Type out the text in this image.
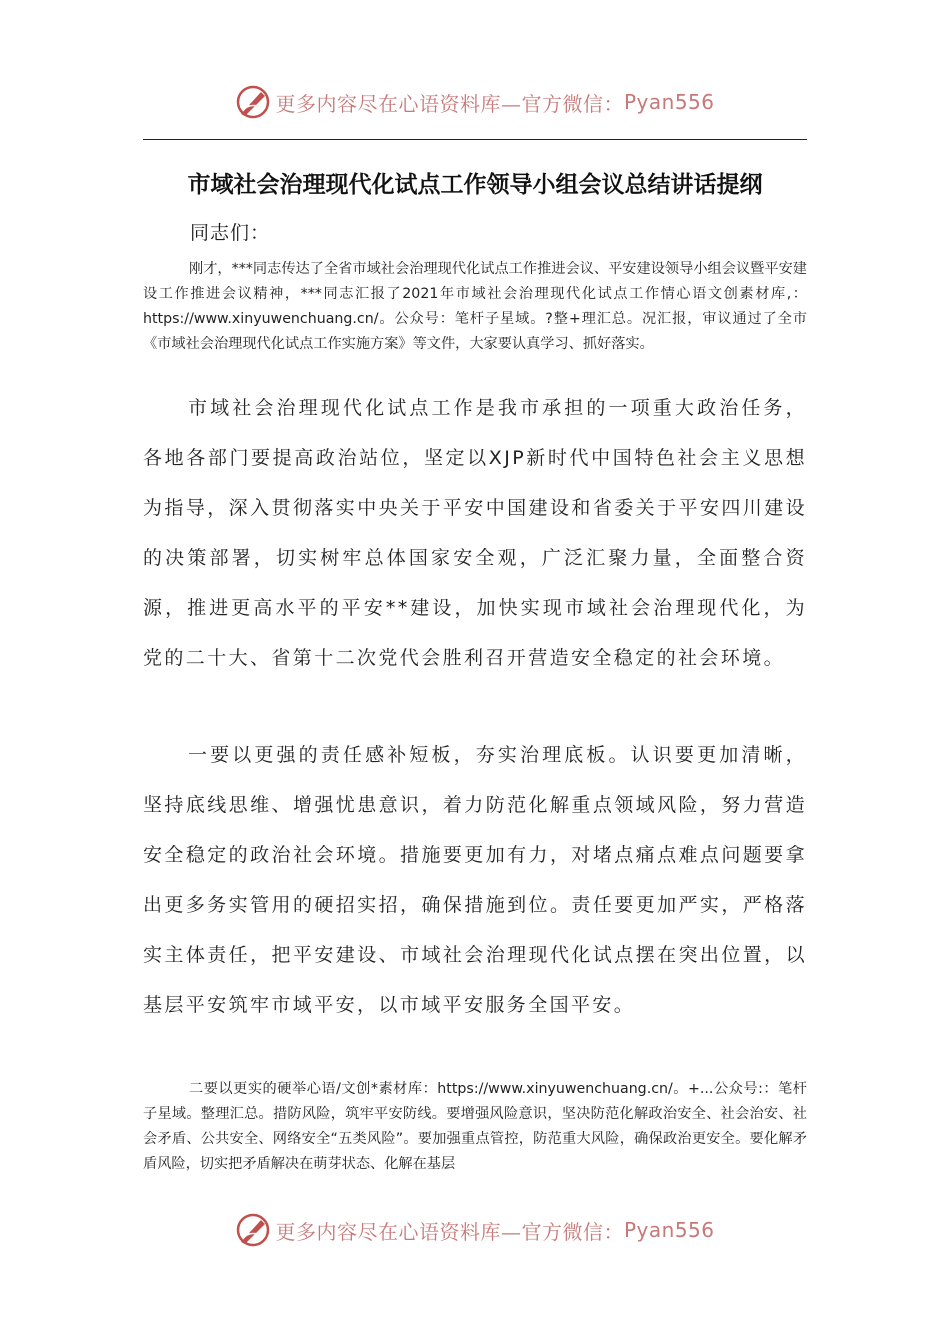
更多内容尽在心语资料库—官方微信： Pyan556
市域社会治理现代化试点工作领导小组会议总结讲话提纲
同志们：
刚才，***同志传达了全省市域社会治理现代化试点工作推进会议、平安建设领导小组会议暨平安建设工作推进会议精神，***同志汇报了2021年市域社会治理现代化试点工作情心语文创素材库,：https://www.xinyuwenchuang.cn/。公众号：笔杆子星域。?整+理汇总。况汇报，审议通过了全市《市域社会治理现代化试点工作实施方案》等文件，大家要认真学习、抓好落实。
市域社会治理现代化试点工作是我市承担的一项重大政治任务，各地各部门要提高政治站位，坚定以XJP新时代中国特色社会主义思想为指导，深入贯彻落实中央关于平安中国建设和省委关于平安四川建设的决策部署，切实树牢总体国家安全观，广泛汇聚力量，全面整合资源，推进更高水平的平安**建设，加快实现市域社会治理现代化，为党的二十大、省第十二次党代会胜利召开营造安全稳定的社会环境。
一要以更强的责任感补短板，夯实治理底板。认识要更加清晰，坚持底线思维、增强忧患意识，着力防范化解重点领域风险，努力营造安全稳定的政治社会环境。措施要更加有力，对堵点痛点难点问题要拿出更多务实管用的硬招实招，确保措施到位。责任要更加严实，严格落实主体责任，把平安建设、市域社会治理现代化试点摆在突出位置，以基层平安筑牢市域平安，以市域平安服务全国平安。
二要以更实的硬举心语/文创*素材库：https://www.xinyuwenchuang.cn/。+...公众号:：笔杆子星域。整理汇总。措防风险，筑牢平安防线。要增强风险意识，坚决防范化解政治安全、社会治安、社会矛盾、公共安全、网络安全“五类风险”。要加强重点管控，防范重大风险，确保政治更安全。要化解矛盾风险，切实把矛盾解决在萌芽状态、化解在基层
更多内容尽在心语资料库—官方微信： Pyan556
